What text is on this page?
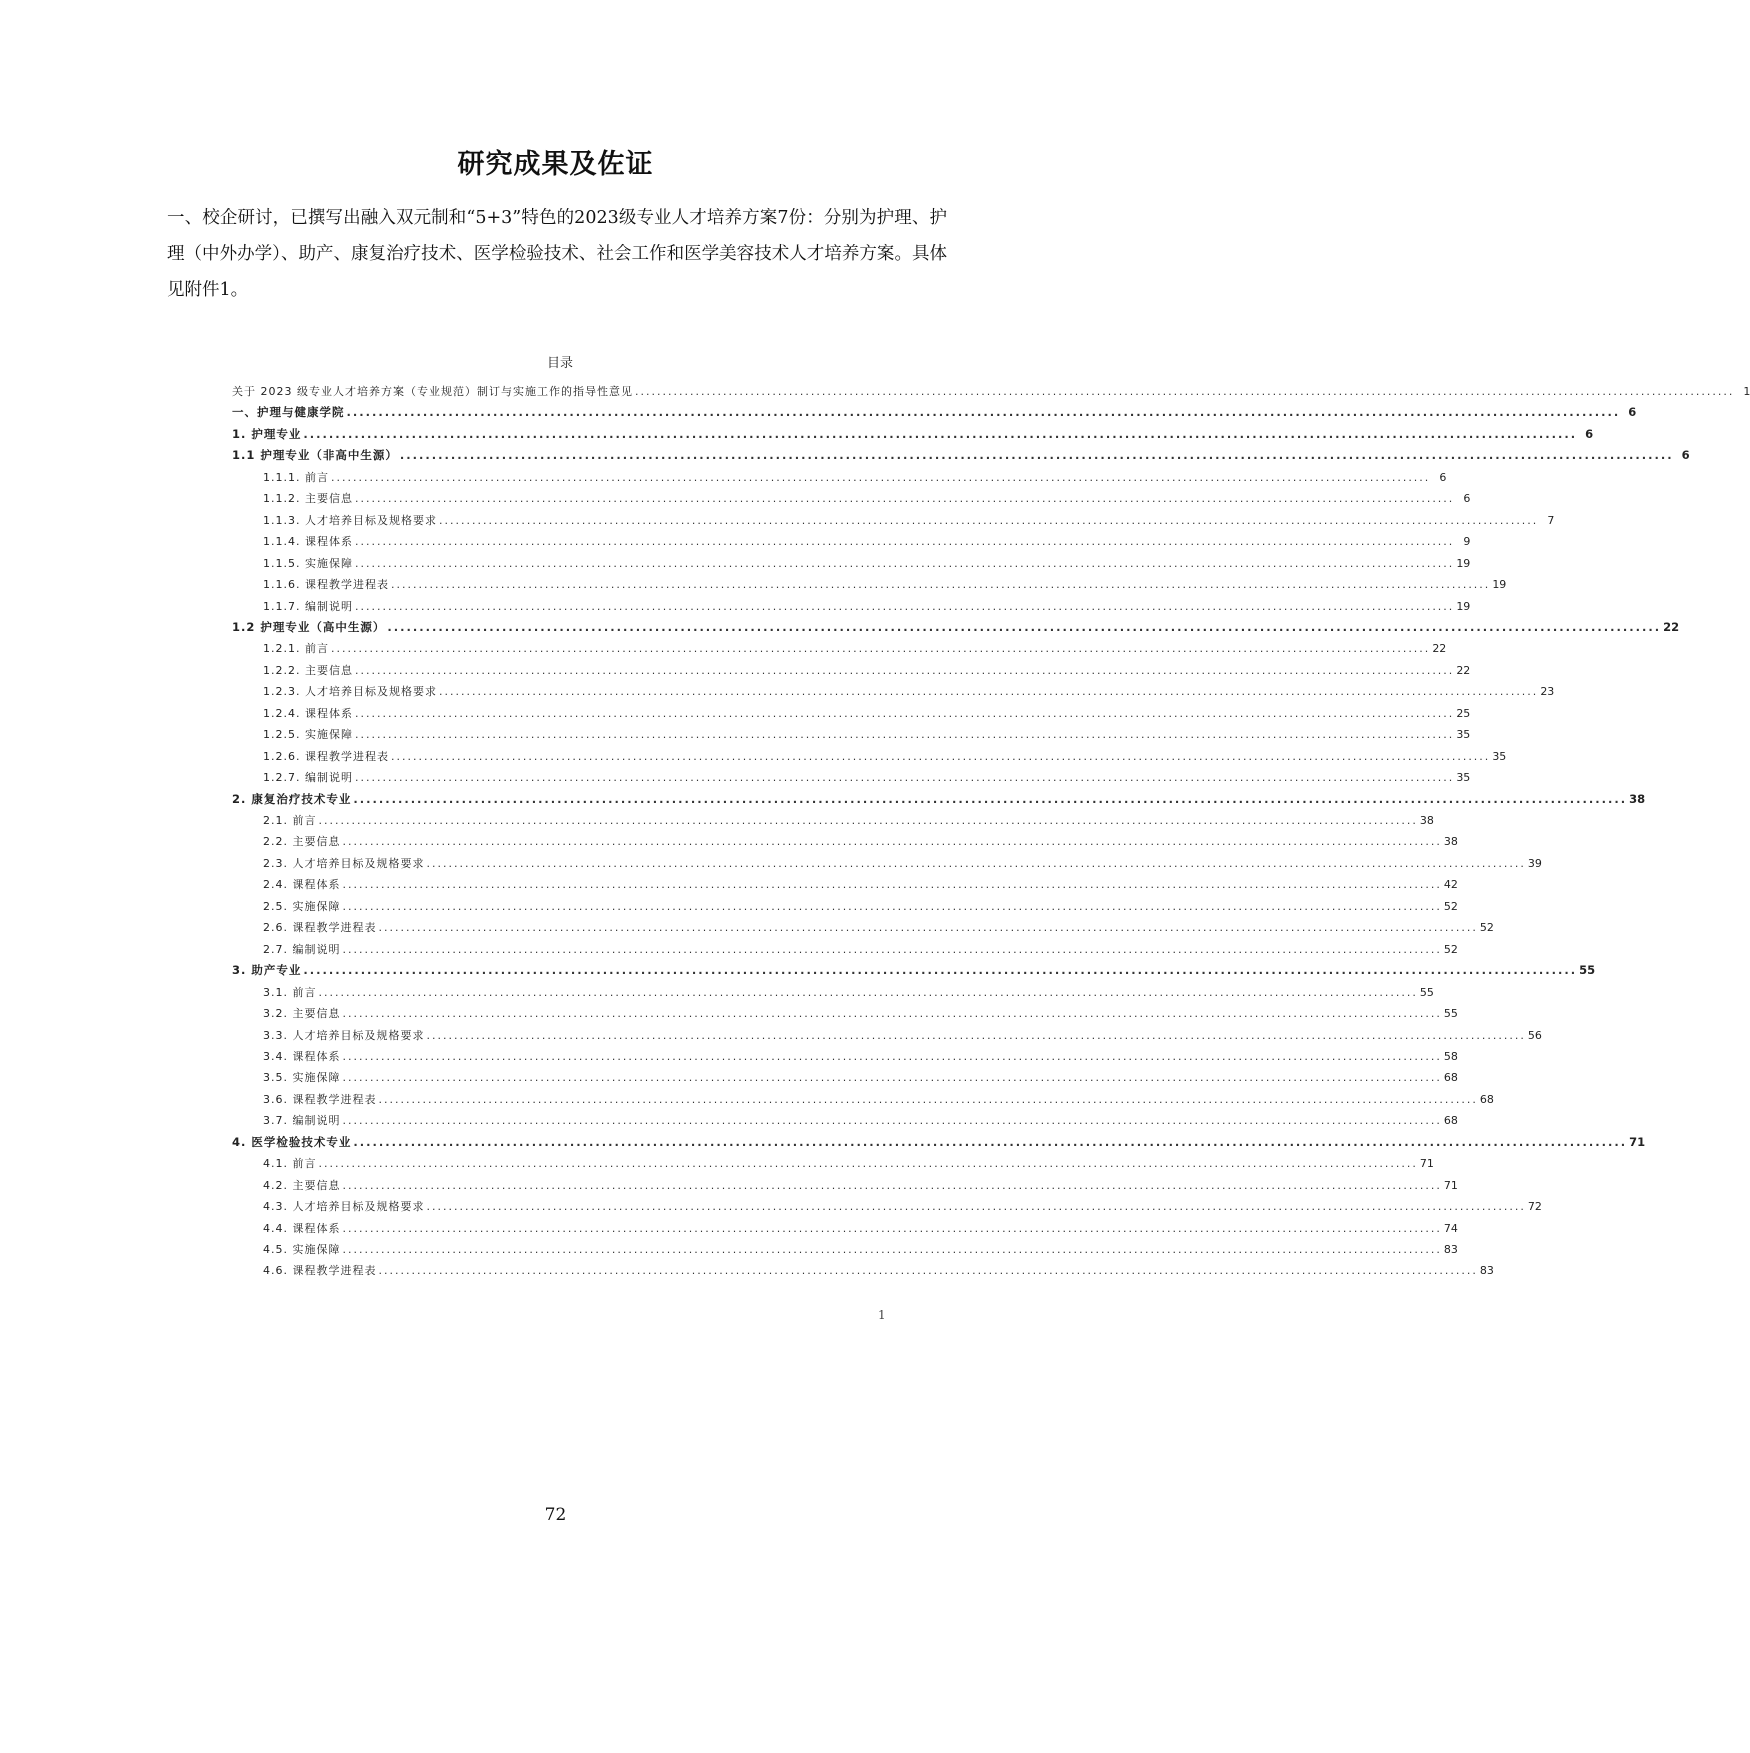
研究成果及佐证
一、校企研讨，已撰写出融入双元制和“5+3”特色的2023级专业人才培养方案7份：分别为护理、护理（中外办学）、助产、康复治疗技术、医学检验技术、社会工作和医学美容技术人才培养方案。具体见附件1。
目录
关于 2023 级专业人才培养方案（专业规范）制订与实施工作的指导性意见 ........................................................................................................................................................................................................ 1
一、护理与健康学院 ........................................................................................................................................................................................................ 6
1. 护理专业 ........................................................................................................................................................................................................ 6
1.1 护理专业（非高中生源） ........................................................................................................................................................................................................ 6
1.1.1. 前言 ........................................................................................................................................................................................................ 6
1.1.2. 主要信息 ........................................................................................................................................................................................................ 6
1.1.3. 人才培养目标及规格要求 ........................................................................................................................................................................................................ 7
1.1.4. 课程体系 ........................................................................................................................................................................................................ 9
1.1.5. 实施保障 ........................................................................................................................................................................................................ 19
1.1.6. 课程教学进程表 ........................................................................................................................................................................................................ 19
1.1.7. 编制说明 ........................................................................................................................................................................................................ 19
1.2 护理专业（高中生源） ........................................................................................................................................................................................................ 22
1.2.1. 前言 ........................................................................................................................................................................................................ 22
1.2.2. 主要信息 ........................................................................................................................................................................................................ 22
1.2.3. 人才培养目标及规格要求 ........................................................................................................................................................................................................ 23
1.2.4. 课程体系 ........................................................................................................................................................................................................ 25
1.2.5. 实施保障 ........................................................................................................................................................................................................ 35
1.2.6. 课程教学进程表 ........................................................................................................................................................................................................ 35
1.2.7. 编制说明 ........................................................................................................................................................................................................ 35
2. 康复治疗技术专业 ........................................................................................................................................................................................................ 38
2.1. 前言 ........................................................................................................................................................................................................ 38
2.2. 主要信息 ........................................................................................................................................................................................................ 38
2.3. 人才培养目标及规格要求 ........................................................................................................................................................................................................ 39
2.4. 课程体系 ........................................................................................................................................................................................................ 42
2.5. 实施保障 ........................................................................................................................................................................................................ 52
2.6. 课程教学进程表 ........................................................................................................................................................................................................ 52
2.7. 编制说明 ........................................................................................................................................................................................................ 52
3. 助产专业 ........................................................................................................................................................................................................ 55
3.1. 前言 ........................................................................................................................................................................................................ 55
3.2. 主要信息 ........................................................................................................................................................................................................ 55
3.3. 人才培养目标及规格要求 ........................................................................................................................................................................................................ 56
3.4. 课程体系 ........................................................................................................................................................................................................ 58
3.5. 实施保障 ........................................................................................................................................................................................................ 68
3.6. 课程教学进程表 ........................................................................................................................................................................................................ 68
3.7. 编制说明 ........................................................................................................................................................................................................ 68
4. 医学检验技术专业 ........................................................................................................................................................................................................ 71
4.1. 前言 ........................................................................................................................................................................................................ 71
4.2. 主要信息 ........................................................................................................................................................................................................ 71
4.3. 人才培养目标及规格要求 ........................................................................................................................................................................................................ 72
4.4. 课程体系 ........................................................................................................................................................................................................ 74
4.5. 实施保障 ........................................................................................................................................................................................................ 83
4.6. 课程教学进程表 ........................................................................................................................................................................................................ 83
1
72
